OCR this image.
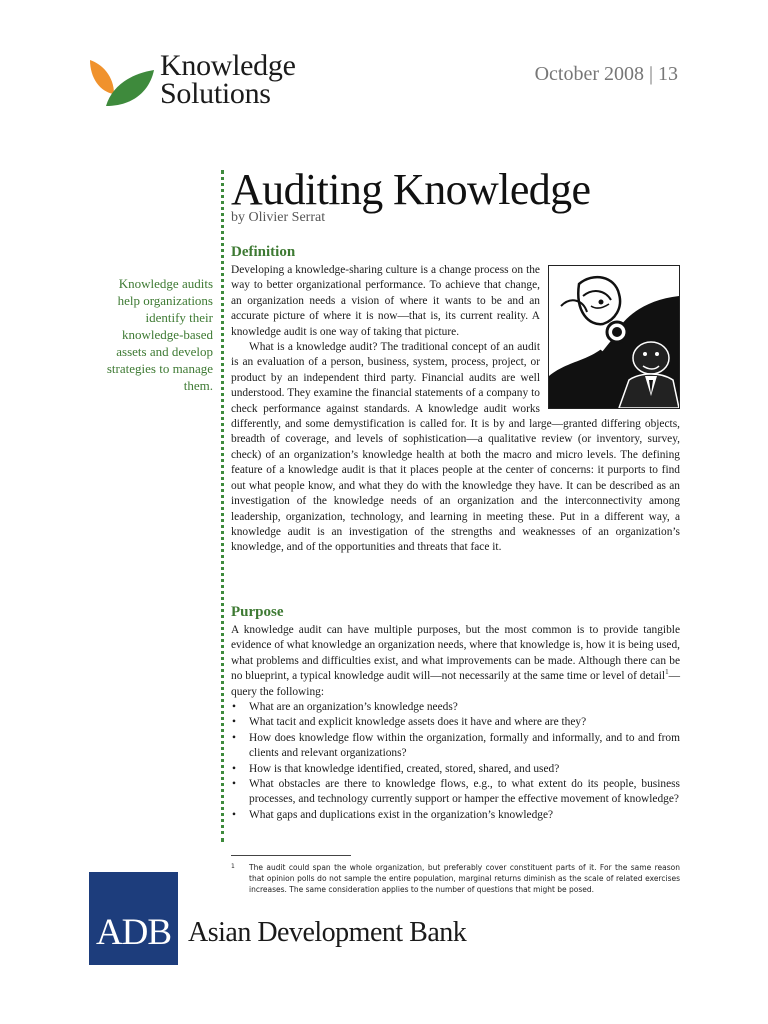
Knowledge
Solutions
October 2008 | 13
Auditing Knowledge
by Olivier Serrat
Knowledge audits help organizations identify their knowledge-based assets and develop strategies to manage them.
Definition

Developing a knowledge-sharing culture is a change process on the way to better organizational performance. To achieve that change, an organization needs a vision of where it wants to be and an accurate picture of where it is now—that is, its current reality. A knowledge audit is one way of taking that picture.

What is a knowledge audit? The traditional concept of an audit is an evaluation of a person, business, system, process, project, or product by an independent third party. Financial audits are well understood. They examine the financial statements of a company to check performance against standards. A knowledge audit works differently, and some demystification is called for. It is by and large—granted differing objects, breadth of coverage, and levels of sophistication—a qualitative review (or inventory, survey, check) of an organization’s knowledge health at both the macro and micro levels. The defining feature of a knowledge audit is that it places people at the center of concerns: it purports to find out what people know, and what they do with the knowledge they have. It can be described as an investigation of the knowledge needs of an organization and the interconnectivity among leadership, organization, technology, and learning in meeting these. Put in a different way, a knowledge audit is an investigation of the strengths and weaknesses of an organization’s knowledge, and of the opportunities and threats that face it.

Purpose

A knowledge audit can have multiple purposes, but the most common is to provide tangible evidence of what knowledge an organization needs, where that knowledge is, how it is being used, what problems and difficulties exist, and what improvements can be made. Although there can be no blueprint, a typical knowledge audit will—not necessarily at the same time or level of detail$^1$—query the following:

• What are an organization’s knowledge needs?
• What tacit and explicit knowledge assets does it have and where are they?
• How does knowledge flow within the organization, formally and informally, and to and from clients and relevant organizations?
• How is that knowledge identified, created, stored, shared, and used?
• What obstacles are there to knowledge flows, e.g., to what extent do its people, business processes, and technology currently support or hamper the effective movement of knowledge?
• What gaps and duplications exist in the organization’s knowledge?
1	The audit could span the whole organization, but preferably cover constituent parts of it. For the same reason that opinion polls do not sample the entire population, marginal returns diminish as the scale of related exercises increases. The same consideration applies to the number of questions that might be posed.
ADB Asian Development Bank
